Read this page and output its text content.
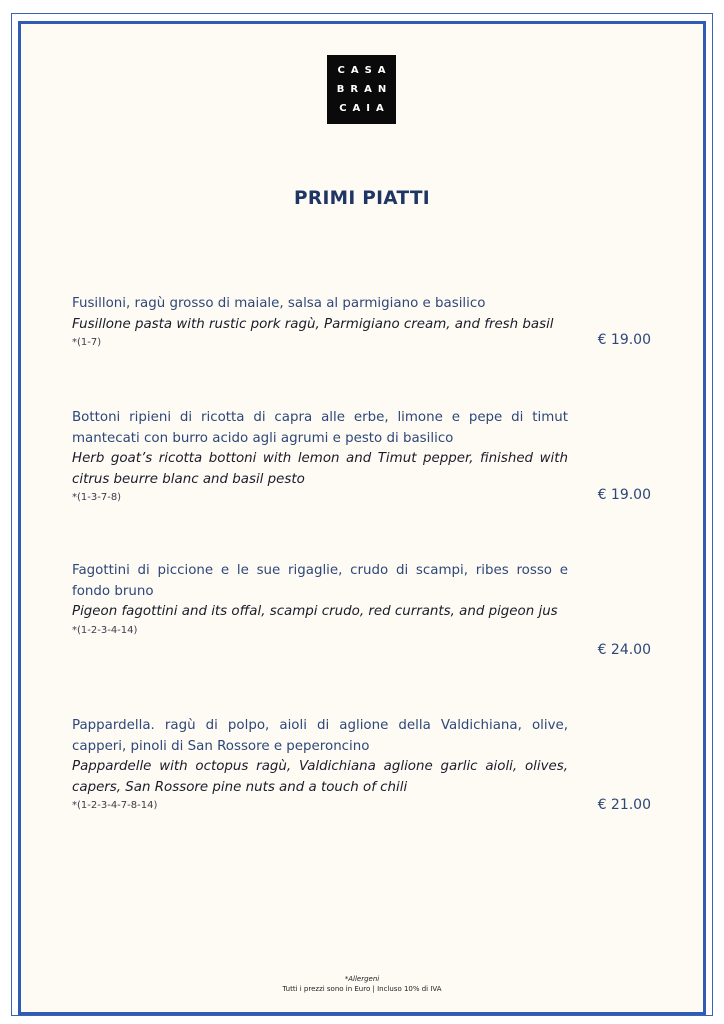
CASA
BRAN
CAIA
PRIMI PIATTI
Fusilloni, ragù grosso di maiale, salsa al parmigiano e basilico
Fusillone pasta with rustic pork ragù, Parmigiano cream, and fresh basil
*(1-7)	€ 19.00
Bottoni ripieni di ricotta di capra alle erbe, limone e pepe di timut mantecati con burro acido agli agrumi e pesto di basilico
Herb goat’s ricotta bottoni with lemon and Timut pepper, finished with citrus beurre blanc and basil pesto
*(1-3-7-8)	€ 19.00
Fagottini di piccione e le sue rigaglie, crudo di scampi, ribes rosso e fondo bruno
Pigeon fagottini and its offal, scampi crudo, red currants, and pigeon jus
*(1-2-3-4-14)
€ 24.00
Pappardella. ragù di polpo, aioli di aglione della Valdichiana, olive, capperi, pinoli di San Rossore e peperoncino
Pappardelle with octopus ragù, Valdichiana aglione garlic aioli, olives, capers, San Rossore pine nuts and a touch of chili
*(1-2-3-4-7-8-14)	€ 21.00
*Allergeni
Tutti i prezzi sono in Euro | Incluso 10% di IVA
